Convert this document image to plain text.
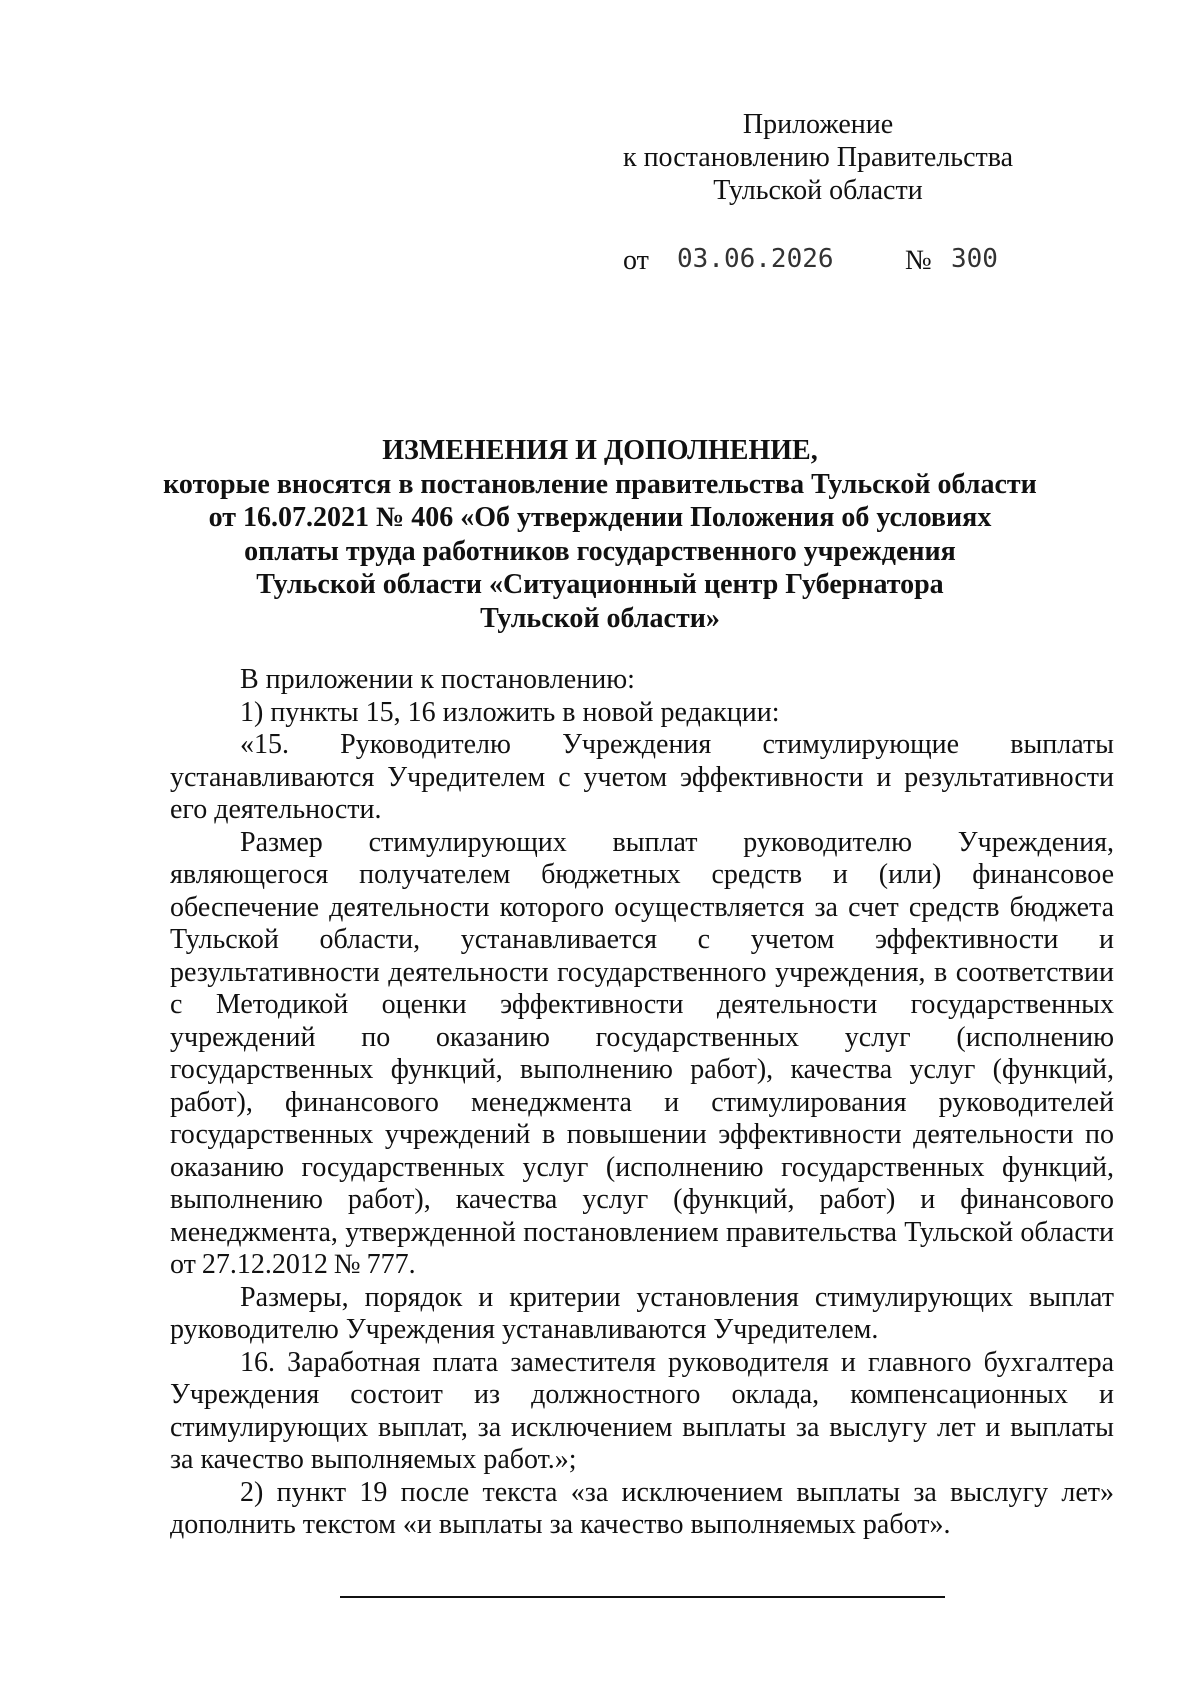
Приложение
к постановлению Правительства
Тульской области
от 03.06.2026	№ 300
ИЗМЕНЕНИЯ И ДОПОЛНЕНИЕ,
которые вносятся в постановление правительства Тульской области
от 16.07.2021 № 406 «Об утверждении Положения об условиях
оплаты труда работников государственного учреждения
Тульской области «Ситуационный центр Губернатора
Тульской области»

В приложении к постановлению:

1) пункты 15, 16 изложить в новой редакции:

«15. Руководителю Учреждения стимулирующие выплаты устанавливаются Учредителем с учетом эффективности и результативности его деятельности.

Размер стимулирующих выплат руководителю Учреждения, являющегося получателем бюджетных средств и (или) финансовое обеспечение деятельности которого осуществляется за счет средств бюджета Тульской области, устанавливается с учетом эффективности и результативности деятельности государственного учреждения, в соответствии с Методикой оценки эффективности деятельности государственных учреждений по оказанию государственных услуг (исполнению государственных функций, выполнению работ), качества услуг (функций, работ), финансового менеджмента и стимулирования руководителей государственных учреждений в повышении эффективности деятельности по оказанию государственных услуг (исполнению государственных функций, выполнению работ), качества услуг (функций, работ) и финансового менеджмента, утвержденной постановлением правительства Тульской области от 27.12.2012 № 777.

Размеры, порядок и критерии установления стимулирующих выплат руководителю Учреждения устанавливаются Учредителем.

16. Заработная плата заместителя руководителя и главного бухгалтера Учреждения состоит из должностного оклада, компенсационных и стимулирующих выплат, за исключением выплаты за выслугу лет и выплаты за качество выполняемых работ.»;

2) пункт 19 после текста «за исключением выплаты за выслугу лет» дополнить текстом «и выплаты за качество выполняемых работ».
